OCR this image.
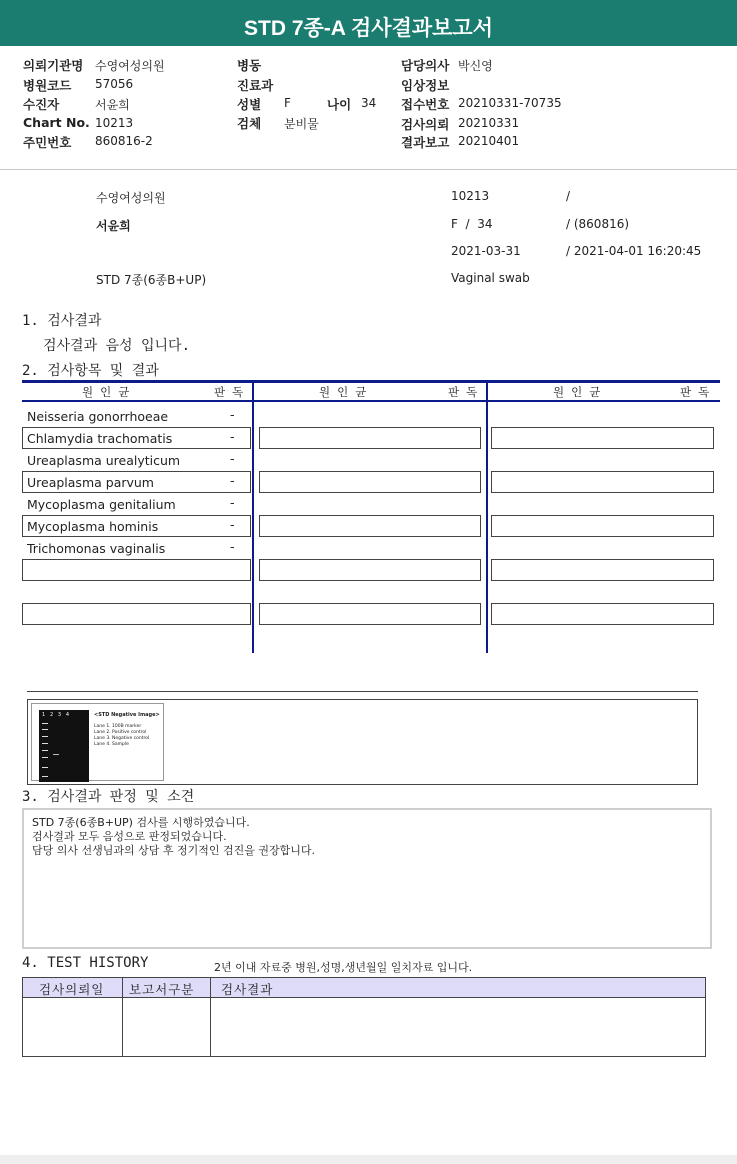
STD 7종-A 검사결과보고서
의뢰기관명 수영여성의원
병원코드 57056
수진자	서윤희
Chart No. 10213
주민번호 860816-2
병동
진료과
성별 F	나이 34
검체 분비물
담당의사 박신영
임상정보
접수번호 20210331-70735
검사의뢰 20210331
결과보고 20210401
수영여성의원	10213	/
서윤희	F  /  34	/ (860816)
2021-03-31	/ 2021-04-01 16:20:45
STD 7종(6종B+UP)	Vaginal swab
1. 검사결과
검사결과 음성 입니다.
2. 검사항목 및 결과
원인균	판독	원인균	판독	원인균	판독
Neisseria gonorrhoeae	-
Chlamydia trachomatis	-
Ureaplasma urealyticum	-
Ureaplasma parvum	-
Mycoplasma genitalium	-
Mycoplasma hominis	-
Trichomonas vaginalis	-
1   2   3   4	<STD Negative Image>
Lane 1. 100B marker
Lane 2. Positive control
Lane 3. Negative control
Lane 4. Sample
3. 검사결과 판정 및 소견
STD 7종(6종B+UP) 검사를 시행하였습니다.
검사결과 모두 음성으로 판정되었습니다.
담당 의사 선생님과의 상담 후 정기적인 검진을 권장합니다.
4. TEST HISTORY	2년 이내 자료중 병원,성명,생년월일 일치자료 입니다.
검사의뢰일 보고서구분 검사결과
